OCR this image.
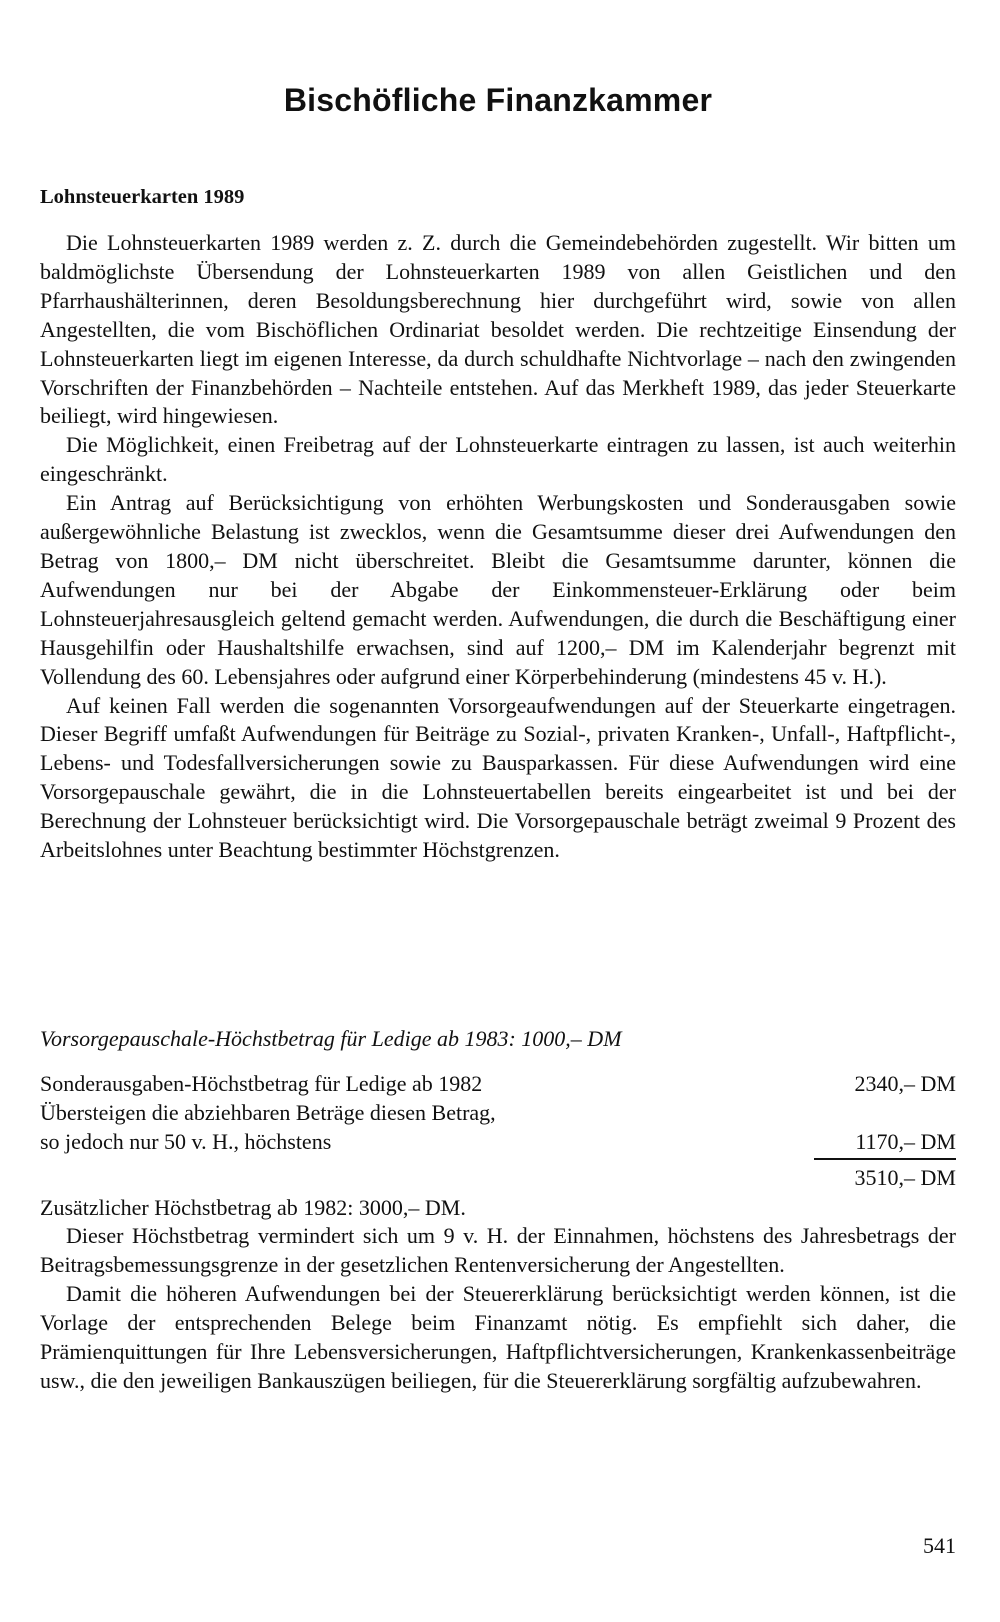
Bischöfliche Finanzkammer
Lohnsteuerkarten 1989

Die Lohnsteuerkarten 1989 werden z. Z. durch die Gemeindebehörden zugestellt. Wir bitten um baldmöglichste Übersendung der Lohnsteuerkarten 1989 von allen Geistlichen und den Pfarrhaushälterinnen, deren Besoldungsberechnung hier durchgeführt wird, sowie von allen Angestellten, die vom Bischöflichen Ordinariat besoldet werden. Die rechtzeitige Einsendung der Lohnsteuerkarten liegt im eigenen Interesse, da durch schuldhafte Nichtvorlage – nach den zwingenden Vorschriften der Finanzbehörden – Nachteile entstehen. Auf das Merkheft 1989, das jeder Steuerkarte beiliegt, wird hingewiesen.

Die Möglichkeit, einen Freibetrag auf der Lohnsteuerkarte eintragen zu lassen, ist auch weiterhin eingeschränkt.

Ein Antrag auf Berücksichtigung von erhöhten Werbungskosten und Sonderausgaben sowie außergewöhnliche Belastung ist zwecklos, wenn die Gesamtsumme dieser drei Aufwendungen den Betrag von 1800,– DM nicht überschreitet. Bleibt die Gesamtsumme darunter, können die Aufwendungen nur bei der Abgabe der Einkommensteuer-Erklärung oder beim Lohnsteuerjahresausgleich geltend gemacht werden. Aufwendungen, die durch die Beschäftigung einer Hausgehilfin oder Haushaltshilfe erwachsen, sind auf 1200,– DM im Kalenderjahr begrenzt mit Vollendung des 60. Lebensjahres oder aufgrund einer Körperbehinderung (mindestens 45 v. H.).

Auf keinen Fall werden die sogenannten Vorsorgeaufwendungen auf der Steuerkarte eingetragen. Dieser Begriff umfaßt Aufwendungen für Beiträge zu Sozial-, privaten Kranken-, Unfall-, Haftpflicht-, Lebens- und Todesfallversicherungen sowie zu Bausparkassen. Für diese Aufwendungen wird eine Vorsorgepauschale gewährt, die in die Lohnsteuertabellen bereits eingearbeitet ist und bei der Berechnung der Lohnsteuer berücksichtigt wird. Die Vorsorgepauschale beträgt zweimal 9 Prozent des Arbeitslohnes unter Beachtung bestimmter Höchstgrenzen.

Vorsorgepauschale-Höchstbetrag für Ledige ab 1983: 1000,– DM

Sonderausgaben-Höchstbetrag für Ledige ab 1982	2340,– DM
Übersteigen die abziehbaren Beträge diesen Betrag,
so jedoch nur 50 v. H., höchstens	1170,– DM
3510,– DM

Zusätzlicher Höchstbetrag ab 1982: 3000,– DM.

Dieser Höchstbetrag vermindert sich um 9 v. H. der Einnahmen, höchstens des Jahresbetrags der Beitragsbemessungsgrenze in der gesetzlichen Rentenversicherung der Angestellten.

Damit die höheren Aufwendungen bei der Steuererklärung berücksichtigt werden können, ist die Vorlage der entsprechenden Belege beim Finanzamt nötig. Es empfiehlt sich daher, die Prämienquittungen für Ihre Lebensversicherungen, Haftpflichtversicherungen, Krankenkassenbeiträge usw., die den jeweiligen Bankauszügen beiliegen, für die Steuererklärung sorgfältig aufzubewahren.

541
